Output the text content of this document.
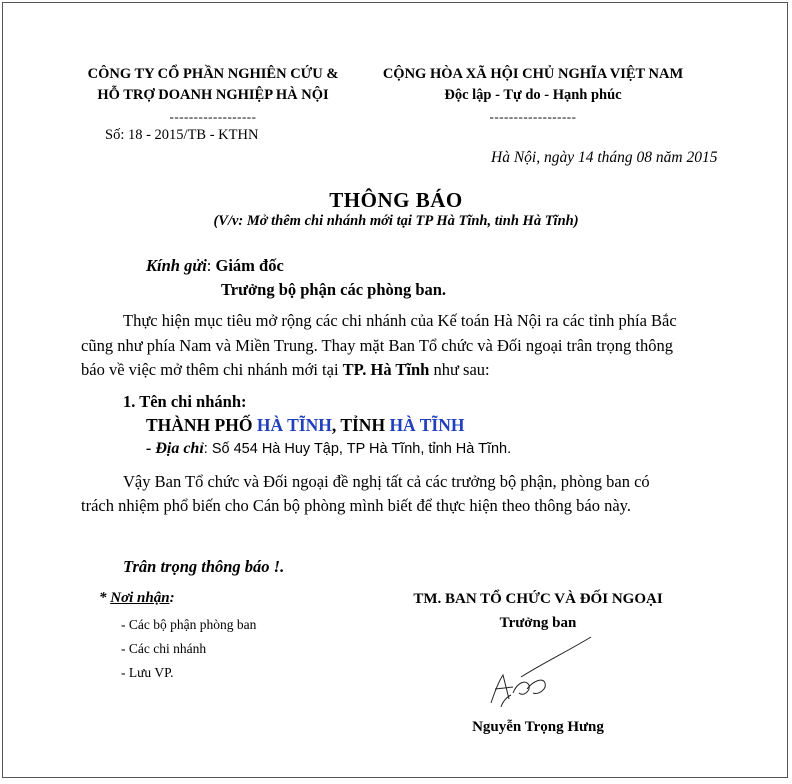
CÔNG TY CỔ PHẦN NGHIÊN CỨU &
HỖ TRỢ DOANH NGHIỆP HÀ NỘI
------------------
Số: 18 - 2015/TB - KTHN
CỘNG HÒA XÃ HỘI CHỦ NGHĨA VIỆT NAM
Độc lập - Tự do - Hạnh phúc
------------------
Hà Nội, ngày 14 tháng 08 năm 2015
THÔNG BÁO
(V/v: Mở thêm chi nhánh mới tại TP Hà Tĩnh, tỉnh Hà Tĩnh)
Kính gửi: Giám đốc
Trưởng bộ phận các phòng ban.
Thực hiện mục tiêu mở rộng các chi nhánh của Kế toán Hà Nội ra các tỉnh phía Bắc
cũng như phía Nam và Miền Trung. Thay mặt Ban Tổ chức và Đối ngoại trân trọng thông
báo về việc mở thêm chi nhánh mới tại TP. Hà Tĩnh như sau:
1. Tên chi nhánh:
THÀNH PHỐ HÀ TĨNH, TỈNH HÀ TĨNH
- Địa chỉ: Số 454 Hà Huy Tập, TP Hà Tĩnh, tỉnh Hà Tĩnh.
Vậy Ban Tổ chức và Đối ngoại đề nghị tất cả các trưởng bộ phận, phòng ban có
trách nhiệm phổ biến cho Cán bộ phòng mình biết để thực hiện theo thông báo này.
Trân trọng thông báo !.
* Nơi nhận:
- Các bộ phận phòng ban
- Các chi nhánh
- Lưu VP.
TM. BAN TỔ CHỨC VÀ ĐỐI NGOẠI
Trưởng ban
Nguyễn Trọng Hưng
